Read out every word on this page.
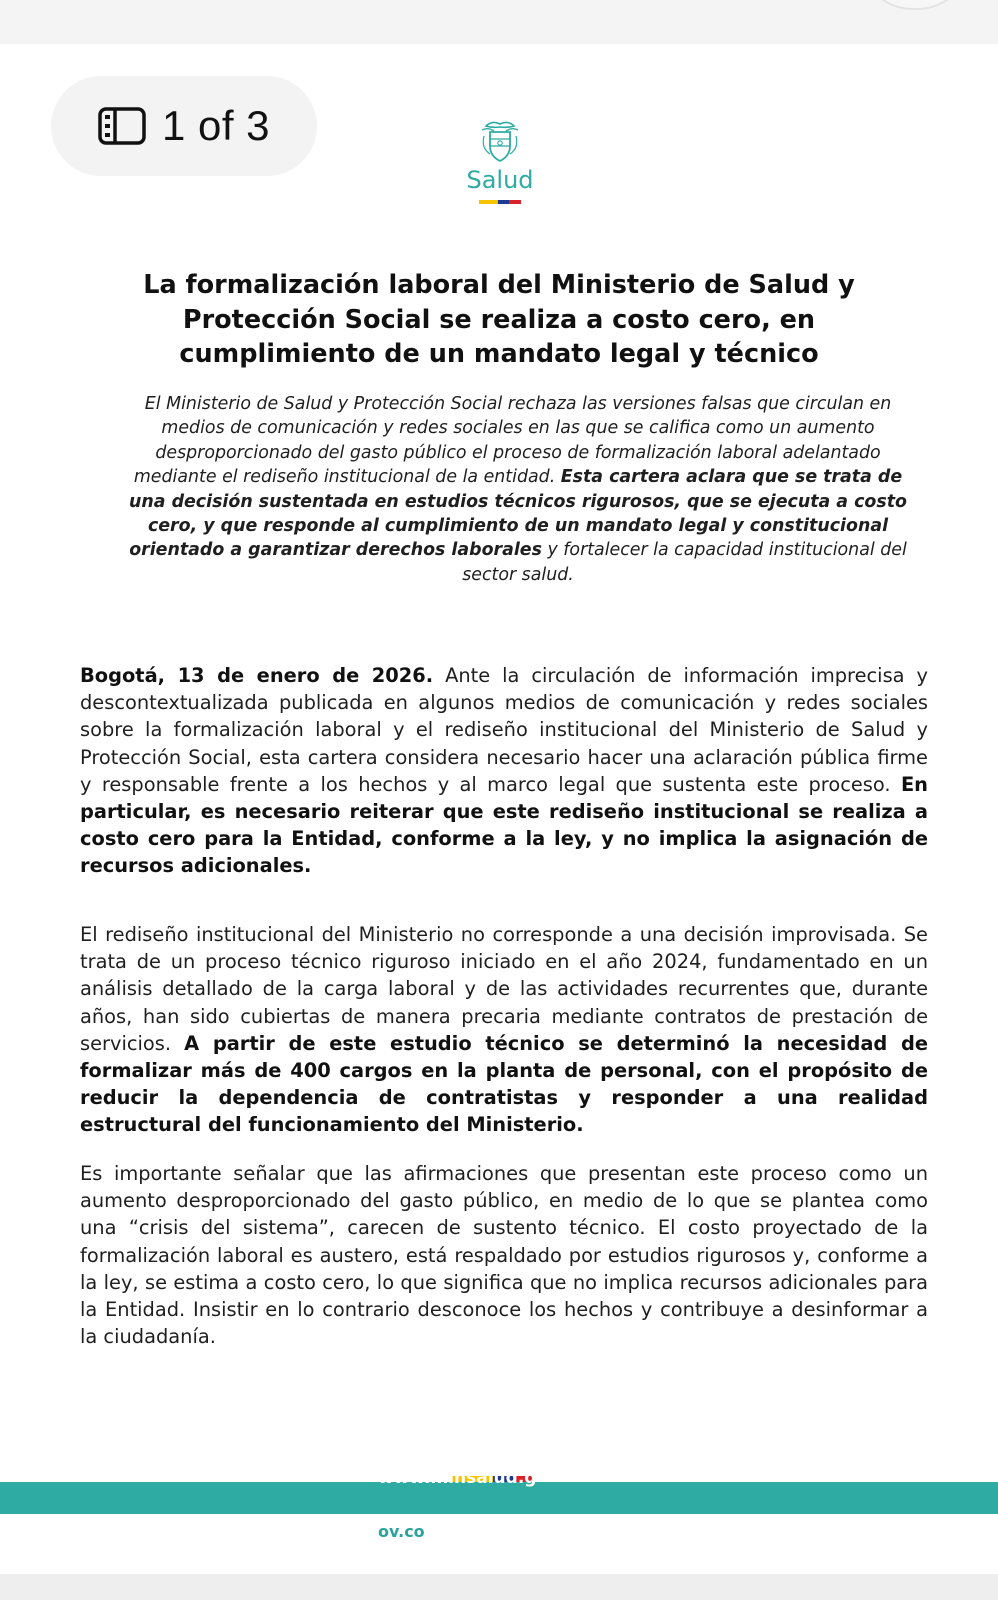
1 of 3
Salud
La formalización laboral del Ministerio de Salud y Protección Social se realiza a costo cero, en cumplimiento de un mandato legal y técnico

El Ministerio de Salud y Protección Social rechaza las versiones falsas que circulan en medios de comunicación y redes sociales en las que se califica como un aumento desproporcionado del gasto público el proceso de formalización laboral adelantado mediante el rediseño institucional de la entidad. Esta cartera aclara que se trata de una decisión sustentada en estudios técnicos rigurosos, que se ejecuta a costo cero, y que responde al cumplimiento de un mandato legal y constitucional orientado a garantizar derechos laborales y fortalecer la capacidad institucional del sector salud.

Bogotá, 13 de enero de 2026. Ante la circulación de información imprecisa y descontextualizada publicada en algunos medios de comunicación y redes sociales sobre la formalización laboral y el rediseño institucional del Ministerio de Salud y Protección Social, esta cartera considera necesario hacer una aclaración pública firme y responsable frente a los hechos y al marco legal que sustenta este proceso. En particular, es necesario reiterar que este rediseño institucional se realiza a costo cero para la Entidad, conforme a la ley, y no implica la asignación de recursos adicionales.

El rediseño institucional del Ministerio no corresponde a una decisión improvisada. Se trata de un proceso técnico riguroso iniciado en el año 2024, fundamentado en un análisis detallado de la carga laboral y de las actividades recurrentes que, durante años, han sido cubiertas de manera precaria mediante contratos de prestación de servicios. A partir de este estudio técnico se determinó la necesidad de formalizar más de 400 cargos en la planta de personal, con el propósito de reducir la dependencia de contratistas y responder a una realidad estructural del funcionamiento del Ministerio.

Es importante señalar que las afirmaciones que presentan este proceso como un aumento desproporcionado del gasto público, en medio de lo que se plantea como una “crisis del sistema”, carecen de sustento técnico. El costo proyectado de la formalización laboral es austero, está respaldado por estudios rigurosos y, conforme a la ley, se estima a costo cero, lo que significa que no implica recursos adicionales para la Entidad. Insistir en lo contrario desconoce los hechos y contribuye a desinformar a la ciudadanía.

www.minsalud.g
ov.co
